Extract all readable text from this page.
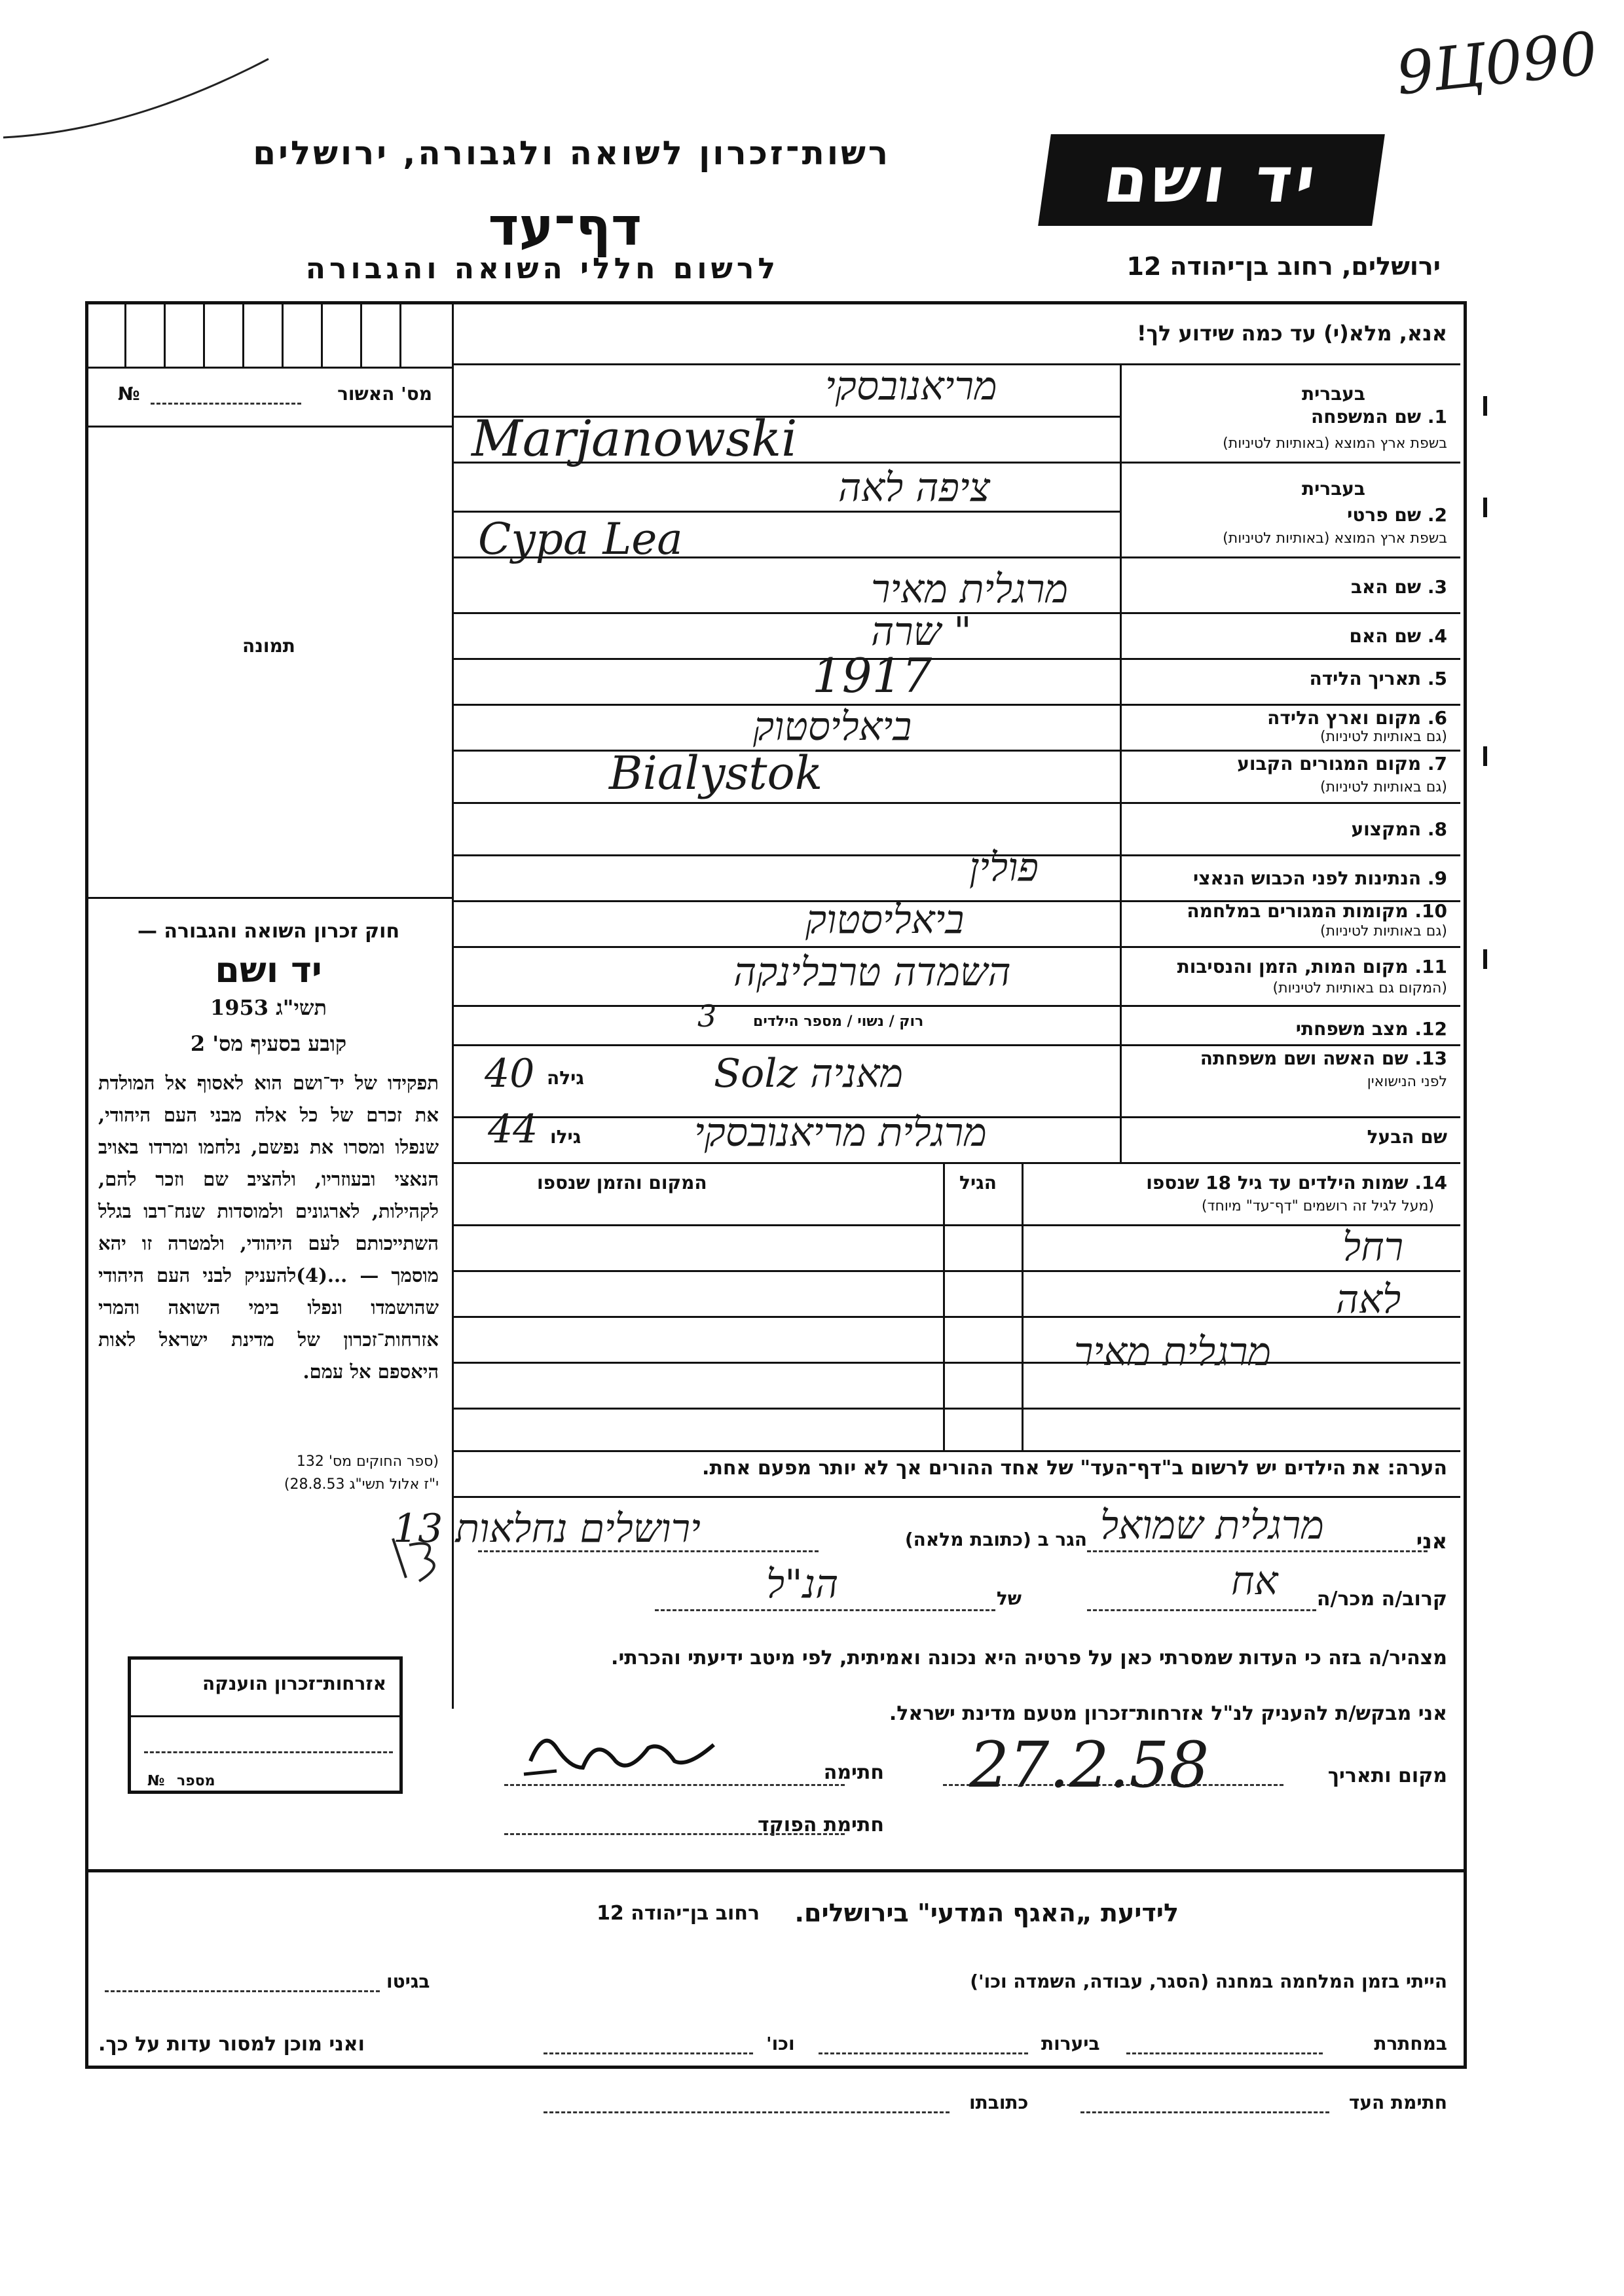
9Ц090
רשות־זכרון לשואה ולגבורה, ירושלים
דף־עד
לרשום חללי השואה והגבורה
יד ושם
ירושלים, רחוב בן־יהודה 12
מס' האשור
№
תמונה
חוק זכרון השואה והגבורה —
יד ושם
תשי"ג 1953
קובע בסעיף מס' 2
תפקידו של יד־ושם הוא לאסוף אל המולדת את זכרם של כל אלה מבני העם היהודי, שנפלו ומסרו את נפשם, נלחמו ומרדו באויב הנאצי ובעוזריו, ולהציב שם וזכר להם, לקהילות, לארגונים ולמוסדות שנח־רבו בגלל השתייכותם לעם היהודי, ולמטרה זו יהא מוסמך — ...(4)להעניק לבני העם היהודי שהושמדו ונפלו בימי השואה והמרי אזרחות־זכרון של מדינת ישראל לאות היאספם אל עמם.
(ספר החוקים מס' 132
י"ז אלול תשי"ג 28.8.53)
אזרחות־זכרון הוענקה
מספר
№
אנא, מלא(י) עד כמה שידוע לך!
בעברית
1. שם המשפחה
בשפת ארץ המוצא (באותיות לטיניות)
מריאנובסקי
Marjanowski
בעברית
2. שם פרטי
בשפת ארץ המוצא (באותיות לטיניות)
ציפה לאה
Cypa Lea
3. שם האב
מרגלית מאיר
4. שם האם
" שרה
5. תאריך הלידה
1917
6. מקום וארץ הלידה
(גם באותיות לטיניות)
ביאליסטוק
7. מקום המגורים הקבוע
(גם באותיות לטיניות)
Bialystok
8. המקצוע
9. הנתינות לפני הכבוש הנאצי
פולין
10. מקומות המגורים במלחמה
(גם באותיות לטיניות)
ביאליסטוק
11. מקום המות, הזמן והנסיבות
(המקום גם באותיות לטיניות)
השמדה טרבלינקה
12. מצב משפחתי
רוק / נשוי / מספר הילדים
3
13. שם האשה ושם משפחתה
לפני הנישואין
גילה
40	מאניה Solz
שם הבעל
גילו
44	מרגלית מריאנובסקי
14. שמות הילדים עד גיל 18 שנספו
(מעל לגיל זה רושמים "דף־עד" מיוחד)
הגיל
המקום והזמן שנספו
רחל
לאה
מרגלית מאיר
הערה: את הילדים יש לרשום ב"דף־העד" של אחד ההורים אך לא יותר מפעם אחת.
אני
מרגלית שמואל
הגר ב (כתובת מלאה)
ירושלים נחלאות 13
קרוב/ה מכר/ה
אח
של
הנ"ל
מצהיר/ה בזה כי העדות שמסרתי כאן על פרטיה היא נכונה ואמיתית, לפי מיטב ידיעתי והכרתי.
אני מבקש/ת להעניק לנ"ל אזרחות־זכרון מטעם מדינת ישראל.
מקום ותאריך
27.2.58
חתימה
חתימת הפוקד
לידיעת „האגף המדעי" בירושלים.
רחוב בן־יהודה 12
הייתי בזמן המלחמה במחנה (הסגר, עבודה, השמדה וכו')
בגיטו
במחתרת
ביערות
וכו'
ואני מוכן למסור עדות על כך.
חתימת העד
כתובתו
